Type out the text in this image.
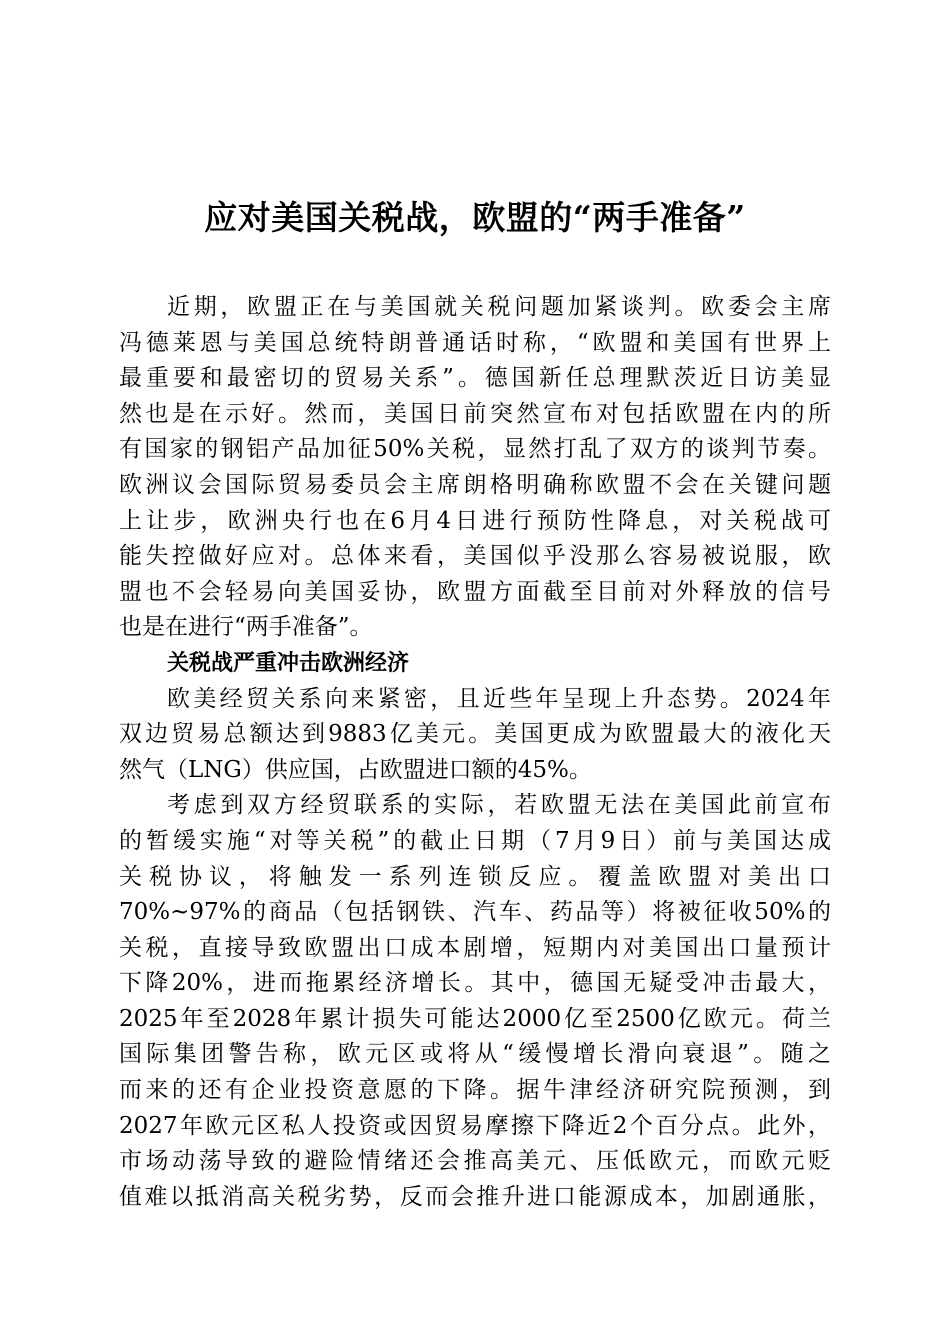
应对美国关税战，欧盟的“两手准备”
近期，欧盟正在与美国就关税问题加紧谈判。欧委会主席
冯德莱恩与美国总统特朗普通话时称，“欧盟和美国有世界上
最重要和最密切的贸易关系”。德国新任总理默茨近日访美显
然也是在示好。然而，美国日前突然宣布对包括欧盟在内的所
有国家的钢铝产品加征50%关税，显然打乱了双方的谈判节奏。
欧洲议会国际贸易委员会主席朗格明确称欧盟不会在关键问题
上让步，欧洲央行也在6月4日进行预防性降息，对关税战可
能失控做好应对。总体来看，美国似乎没那么容易被说服，欧
盟也不会轻易向美国妥协，欧盟方面截至目前对外释放的信号
也是在进行“两手准备”。
关税战严重冲击欧洲经济
欧美经贸关系向来紧密，且近些年呈现上升态势。2024年
双边贸易总额达到9883亿美元。美国更成为欧盟最大的液化天
然气（LNG）供应国，占欧盟进口额的45%。
考虑到双方经贸联系的实际，若欧盟无法在美国此前宣布
的暂缓实施“对等关税”的截止日期（7月9日）前与美国达成
关税协议，将触发一系列连锁反应。覆盖欧盟对美出口
70%~97%的商品（包括钢铁、汽车、药品等）将被征收50%的
关税，直接导致欧盟出口成本剧增，短期内对美国出口量预计
下降20%，进而拖累经济增长。其中，德国无疑受冲击最大，
2025年至2028年累计损失可能达2000亿至2500亿欧元。荷兰
国际集团警告称，欧元区或将从“缓慢增长滑向衰退”。随之
而来的还有企业投资意愿的下降。据牛津经济研究院预测，到
2027年欧元区私人投资或因贸易摩擦下降近2个百分点。此外，
市场动荡导致的避险情绪还会推高美元、压低欧元，而欧元贬
值难以抵消高关税劣势，反而会推升进口能源成本，加剧通胀，
